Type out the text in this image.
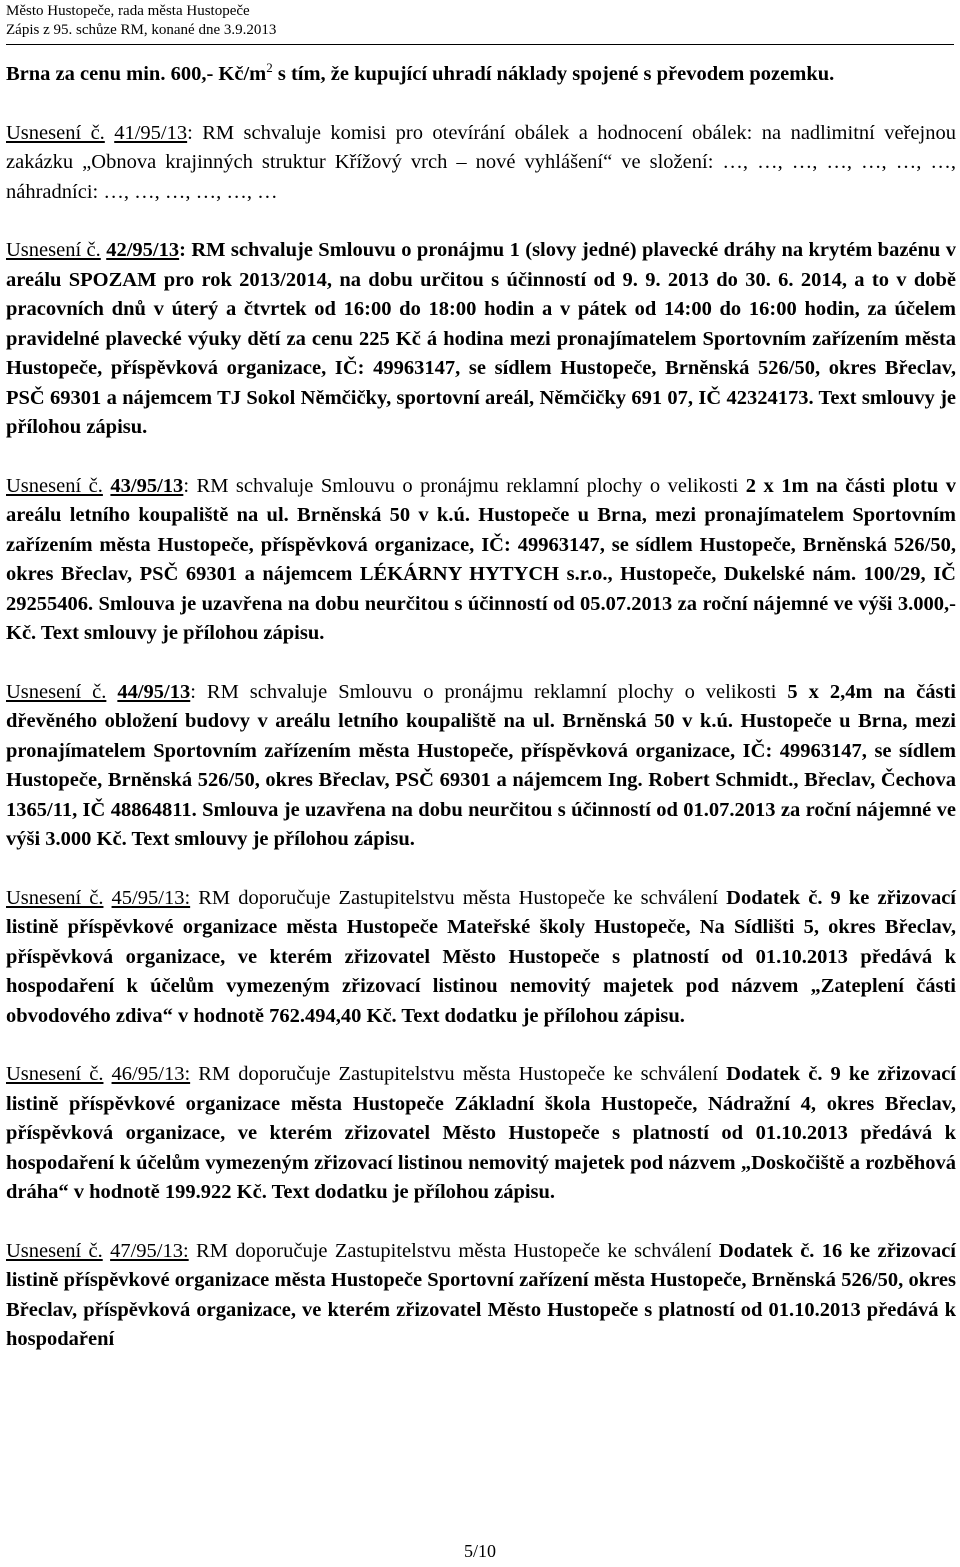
Město Hustopeče, rada města Hustopeče
Zápis z 95. schůze RM, konané dne 3.9.2013

Brna za cenu min. 600,- $Kč/m^2$ s tím, že kupující uhradí náklady spojené s převodem pozemku.

Usnesení č. 41/95/13: RM schvaluje komisi pro otevírání obálek a hodnocení obálek: na nadlimitní veřejnou zakázku „Obnova krajinných struktur Křížový vrch – nové vyhlášení“ ve složení: …, …, …, …, …, …, …, náhradníci: …, …, …, …, …, …

Usnesení č. 42/95/13: RM schvaluje Smlouvu o pronájmu 1 (slovy jedné) plavecké dráhy na krytém bazénu v areálu SPOZAM pro rok 2013/2014, na dobu určitou s účinností od 9. 9. 2013 do 30. 6. 2014, a to v době pracovních dnů v úterý a čtvrtek od 16:00 do 18:00 hodin a v pátek od 14:00 do 16:00 hodin, za účelem pravidelné plavecké výuky dětí za cenu 225 Kč á hodina mezi pronajímatelem Sportovním zařízením města Hustopeče, příspěvková organizace, IČ: 49963147, se sídlem Hustopeče, Brněnská 526/50, okres Břeclav, PSČ 69301 a nájemcem TJ Sokol Němčičky, sportovní areál, Němčičky 691 07, IČ 42324173. Text smlouvy je přílohou zápisu.

Usnesení č. 43/95/13: RM schvaluje Smlouvu o pronájmu reklamní plochy o velikosti 2 x 1m na části plotu v areálu letního koupaliště na ul. Brněnská 50 v k.ú. Hustopeče u Brna, mezi pronajímatelem Sportovním zařízením města Hustopeče, příspěvková organizace, IČ: 49963147, se sídlem Hustopeče, Brněnská 526/50, okres Břeclav, PSČ 69301 a nájemcem LÉKÁRNY HYTYCH s.r.o., Hustopeče, Dukelské nám. 100/29, IČ 29255406. Smlouva je uzavřena na dobu neurčitou s účinností od 05.07.2013 za roční nájemné ve výši 3.000,- Kč. Text smlouvy je přílohou zápisu.

Usnesení č. 44/95/13: RM schvaluje Smlouvu o pronájmu reklamní plochy o velikosti 5 x 2,4m na části dřevěného obložení budovy v areálu letního koupaliště na ul. Brněnská 50 v k.ú. Hustopeče u Brna, mezi pronajímatelem Sportovním zařízením města Hustopeče, příspěvková organizace, IČ: 49963147, se sídlem Hustopeče, Brněnská 526/50, okres Břeclav, PSČ 69301 a nájemcem Ing. Robert Schmidt., Břeclav, Čechova 1365/11, IČ 48864811. Smlouva je uzavřena na dobu neurčitou s účinností od 01.07.2013 za roční nájemné ve výši 3.000 Kč. Text smlouvy je přílohou zápisu.

Usnesení č. 45/95/13: RM doporučuje Zastupitelstvu města Hustopeče ke schválení Dodatek č. 9 ke zřizovací listině příspěvkové organizace města Hustopeče Mateřské školy Hustopeče, Na Sídlišti 5, okres Břeclav, příspěvková organizace, ve kterém zřizovatel Město Hustopeče s platností od 01.10.2013 předává k hospodaření k účelům vymezeným zřizovací listinou nemovitý majetek pod názvem „Zateplení části obvodového zdiva“ v hodnotě 762.494,40 Kč. Text dodatku je přílohou zápisu.

Usnesení č. 46/95/13: RM doporučuje Zastupitelstvu města Hustopeče ke schválení Dodatek č. 9 ke zřizovací listině příspěvkové organizace města Hustopeče Základní škola Hustopeče, Nádražní 4, okres Břeclav, příspěvková organizace, ve kterém zřizovatel Město Hustopeče s platností od 01.10.2013 předává k hospodaření k účelům vymezeným zřizovací listinou nemovitý majetek pod názvem „Doskočiště a rozběhová dráha“ v hodnotě 199.922 Kč. Text dodatku je přílohou zápisu.

Usnesení č. 47/95/13: RM doporučuje Zastupitelstvu města Hustopeče ke schválení Dodatek č. 16 ke zřizovací listině příspěvkové organizace města Hustopeče Sportovní zařízení města Hustopeče, Brněnská 526/50, okres Břeclav, příspěvková organizace, ve kterém zřizovatel Město Hustopeče s platností od 01.10.2013 předává k hospodaření

5/10
